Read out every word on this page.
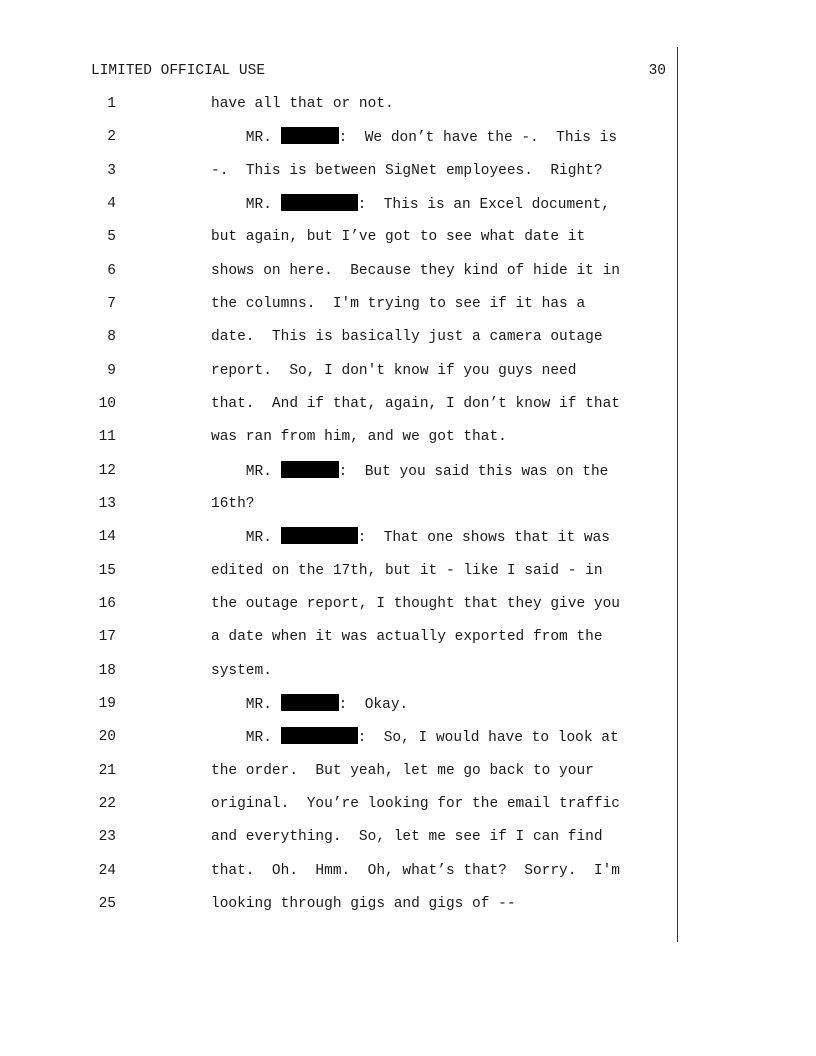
LIMITED OFFICIAL USE	30
1	have all that or not.
2	MR.	:  We don’t have the -.  This is
3	-.  This is between SigNet employees.  Right?
4	MR.	:  This is an Excel document,
5	but again, but I’ve got to see what date it
6	shows on here.  Because they kind of hide it in
7	the columns.  I'm trying to see if it has a
8	date.  This is basically just a camera outage
9	report.  So, I don't know if you guys need
10	that.  And if that, again, I don’t know if that
11	was ran from him, and we got that.
12	MR.	:  But you said this was on the
13	16th?
14	MR.	:  That one shows that it was
15	edited on the 17th, but it - like I said - in
16	the outage report, I thought that they give you
17	a date when it was actually exported from the
18	system.
19	MR.	:  Okay.
20	MR.	:  So, I would have to look at
21	the order.  But yeah, let me go back to your
22	original.  You’re looking for the email traffic
23	and everything.  So, let me see if I can find
24	that.  Oh.  Hmm.  Oh, what’s that?  Sorry.  I'm
25	looking through gigs and gigs of --
